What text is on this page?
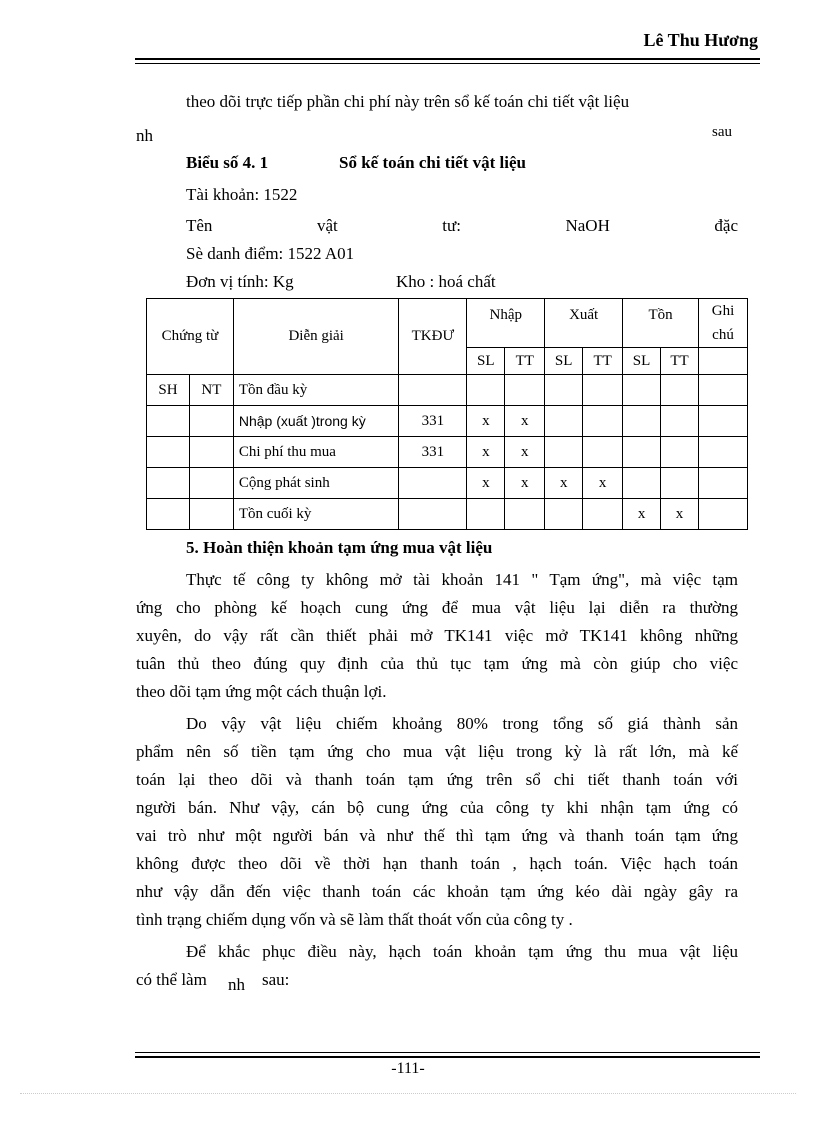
Lê Thu Hương
theo dõi trực tiếp phần chi phí này trên sổ kế toán chi tiết vật liệu
nh	sau
Biểu số 4. 1	Sổ kế toán chi tiết vật liệu
Tài khoản: 1522
Tên	vật	tư:	NaOH	đặc
Sè danh điểm: 1522 A01
Đơn vị tính: Kg	Kho : hoá chất
Chứng từ		Diễn giải	TKĐƯ	Nhập		Xuất		Tồn		Ghi
chú
				SL	TT	SL	TT	SL	TT	
SH	NT	Tồn đầu kỳ								
		Nhập (xuất )trong kỳ	331	x	x					
		Chi phí thu mua	331	x	x					
		Cộng phát sinh		x	x	x	x			
		Tồn cuối kỳ						x	x	
5. Hoàn thiện khoản tạm ứng mua vật liệu
Thực tế công ty không mở tài khoản 141 " Tạm ứng", mà việc tạm
ứng cho phòng kế hoạch cung ứng để mua vật liệu lại diễn ra thường
xuyên, do vậy rất cần thiết phải mở TK141 việc mở TK141 không những
tuân thủ theo đúng quy định của thủ tục tạm ứng mà còn giúp cho việc
theo dõi tạm ứng một cách thuận lợi.
Do vậy vật liệu chiếm khoảng 80% trong tổng số giá thành sản
phẩm nên số tiền tạm ứng cho mua vật liệu trong kỳ là rất lớn, mà kế
toán lại theo dõi và thanh toán tạm ứng trên sổ chi tiết thanh toán với
người bán. Như vậy, cán bộ cung ứng của công ty khi nhận tạm ứng có
vai trò như một người bán và như thế thì tạm ứng và thanh toán tạm ứng
không được theo dõi về thời hạn thanh toán , hạch toán. Việc hạch toán
như vậy dẫn đến việc thanh toán các khoản tạm ứng kéo dài ngày gây ra
tình trạng chiếm dụng vốn và sẽ làm thất thoát vốn của công ty .
Để khắc phục điều này, hạch toán khoản tạm ứng thu mua vật liệu
có thể làm nh sau:
-111-
